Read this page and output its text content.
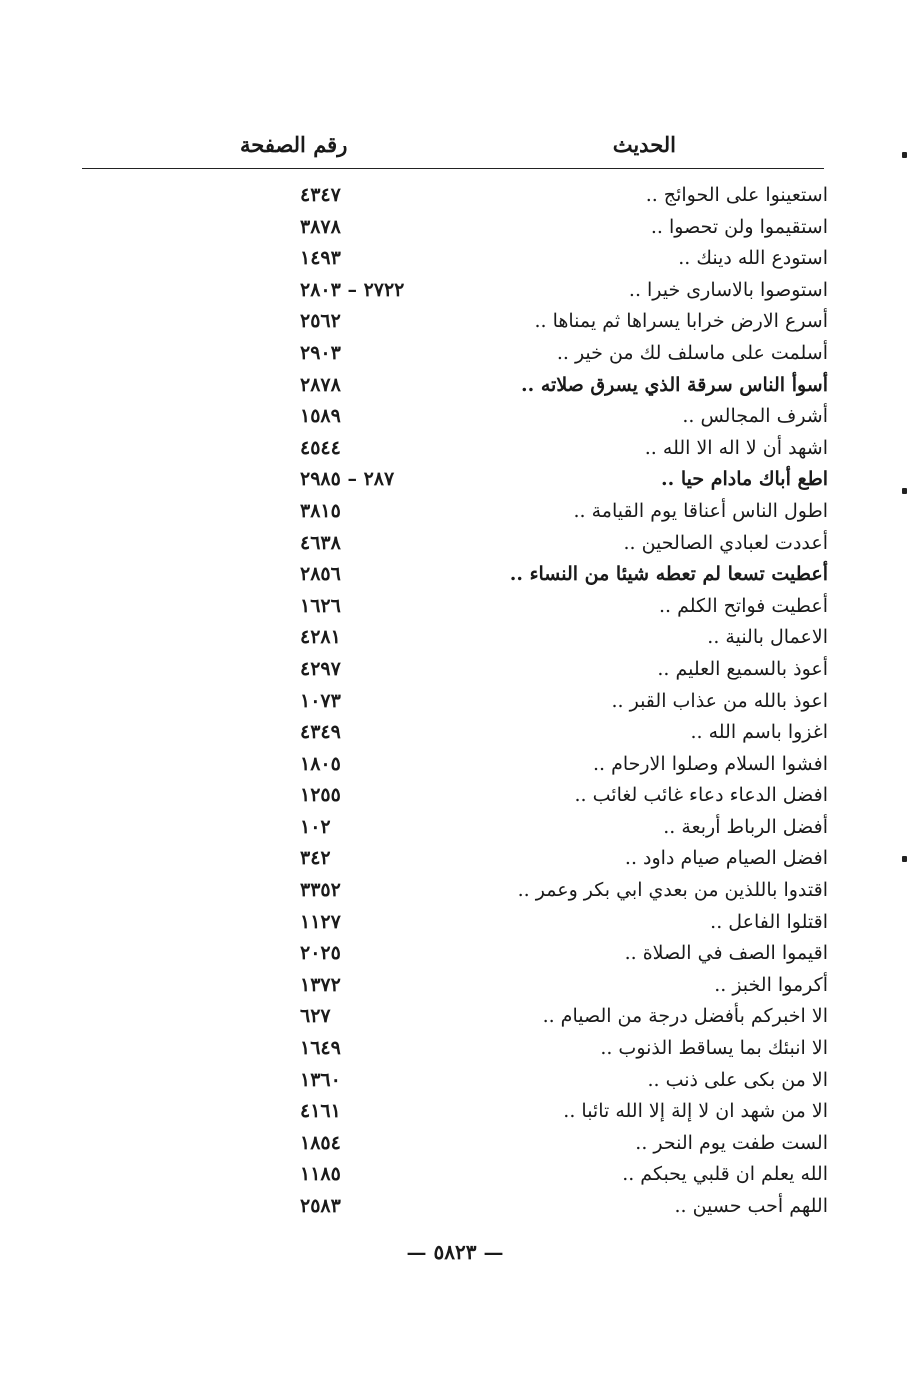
الحديث
رقم الصفحة
استعينوا على الحوائج ..
٤٣٤٧
استقيموا ولن تحصوا ..
٣٨٧٨
استودع الله دينك ..
١٤٩٣
استوصوا بالاسارى خيرا ..
٢٧٢٢ – ٢٨٠٣
أسرع الارض خرابا يسراها ثم يمناها ..
٢٥٦٢
أسلمت على ماسلف لك من خير ..
٢٩٠٣
أسوأ الناس سرقة الذي يسرق صلاته ..
٢٨٧٨
أشرف المجالس ..
١٥٨٩
اشهد أن لا اله الا الله ..
٤٥٤٤
اطع أباك مادام حيا ..
٢٨٧ – ٢٩٨٥
اطول الناس أعناقا يوم القيامة ..
٣٨١٥
أعددت لعبادي الصالحين ..
٤٦٣٨
أعطيت تسعا لم تعطه شيئا من النساء ..
٢٨٥٦
أعطيت فواتح الكلم ..
١٦٢٦
الاعمال بالنية ..
٤٢٨١
أعوذ بالسميع العليم ..
٤٢٩٧
اعوذ بالله من عذاب القبر ..
١٠٧٣
اغزوا باسم الله ..
٤٣٤٩
افشوا السلام وصلوا الارحام ..
١٨٠٥
افضل الدعاء دعاء غائب لغائب ..
١٢٥٥
أفضل الرباط أربعة ..
١٠٢
افضل الصيام صيام داود ..
٣٤٢
اقتدوا باللذين من بعدي ابي بكر وعمر ..
٣٣٥٢
اقتلوا الفاعل ..
١١٢٧
اقيموا الصف في الصلاة ..
٢٠٢٥
أكرموا الخبز ..
١٣٧٢
الا اخبركم بأفضل درجة من الصيام ..
٦٢٧
الا انبئك بما يساقط الذنوب ..
١٦٤٩
الا من بكى على ذنب ..
١٣٦٠
الا من شهد ان لا إلة إلا الله تائبا ..
٤١٦١
الست طفت يوم النحر ..
١٨٥٤
الله يعلم ان قلبي يحبكم ..
١١٨٥
اللهم أحب حسين ..
٢٥٨٣
— ٥٨٢٣ —
